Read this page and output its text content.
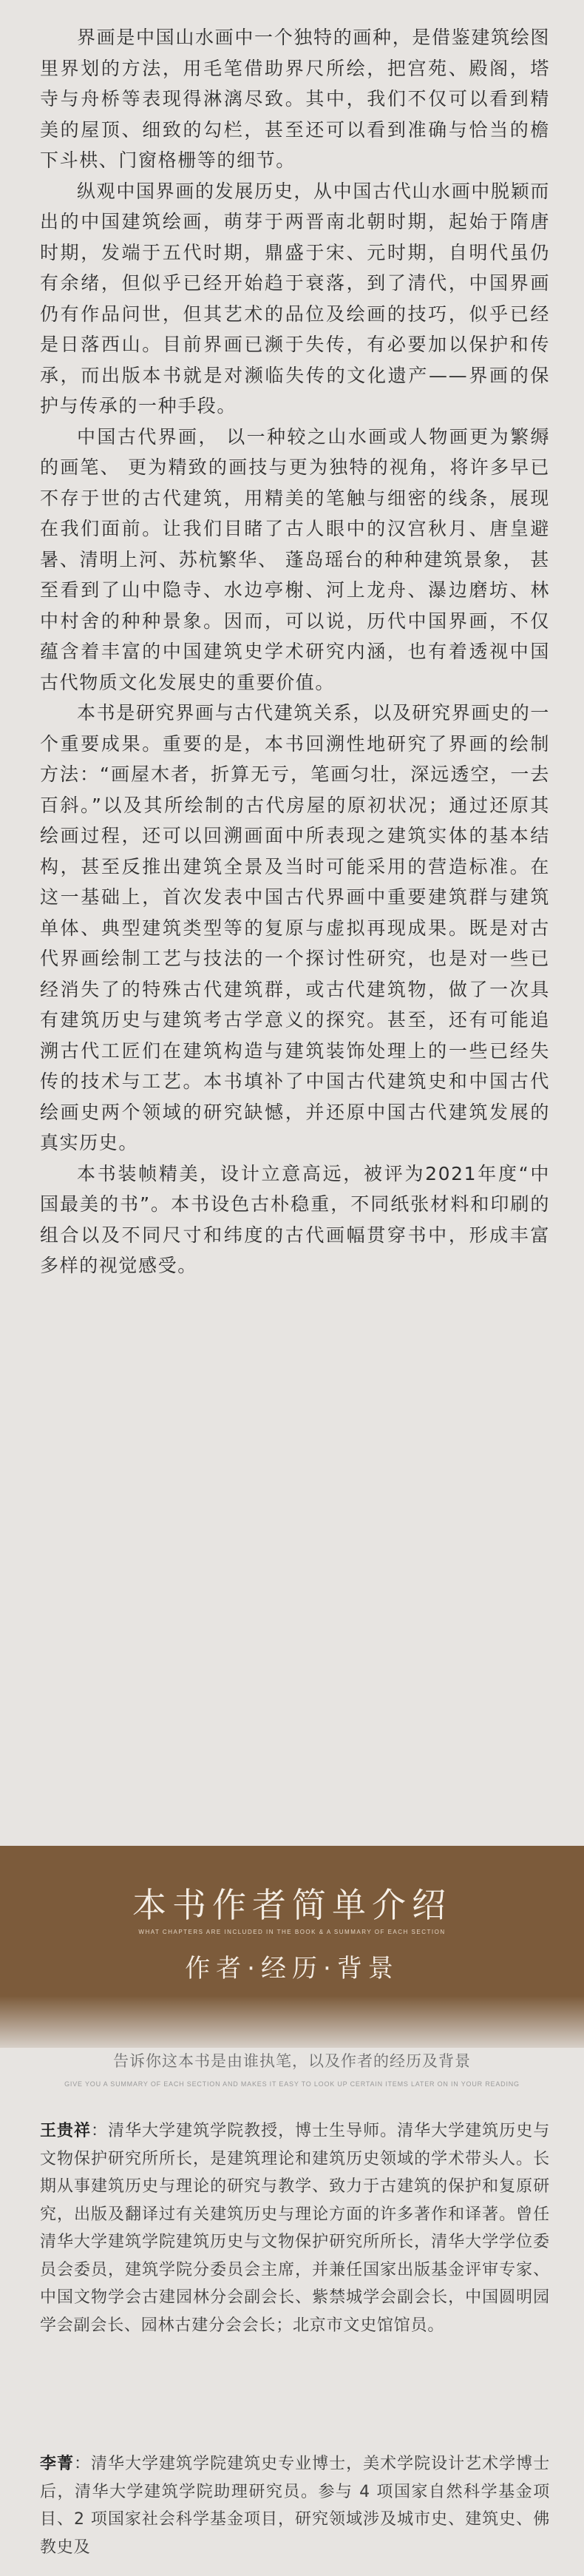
界画是中国山水画中一个独特的画种，是借鉴建筑绘图里界划的方法，用毛笔借助界尺所绘，把宫苑、殿阁，塔寺与舟桥等表现得淋漓尽致。其中，我们不仅可以看到精美的屋顶、细致的勾栏，甚至还可以看到准确与恰当的檐下斗栱、门窗格栅等的细节。

纵观中国界画的发展历史，从中国古代山水画中脱颖而出的中国建筑绘画，萌芽于两晋南北朝时期，起始于隋唐时期，发端于五代时期，鼎盛于宋、元时期，自明代虽仍有余绪，但似乎已经开始趋于衰落，到了清代，中国界画仍有作品问世，但其艺术的品位及绘画的技巧，似乎已经是日落西山。目前界画已濒于失传，有必要加以保护和传承，而出版本书就是对濒临失传的文化遗产——界画的保护与传承的一种手段。

中国古代界画， 以一种较之山水画或人物画更为繁缛的画笔、 更为精致的画技与更为独特的视角，将许多早已不存于世的古代建筑，用精美的笔触与细密的线条，展现在我们面前。让我们目睹了古人眼中的汉宫秋月、唐皇避暑、清明上河、苏杭繁华、 蓬岛瑶台的种种建筑景象， 甚至看到了山中隐寺、水边亭榭、河上龙舟、瀑边磨坊、林中村舍的种种景象。因而，可以说，历代中国界画，不仅蕴含着丰富的中国建筑史学术研究内涵，也有着透视中国古代物质文化发展史的重要价值。

本书是研究界画与古代建筑关系，以及研究界画史的一个重要成果。重要的是，本书回溯性地研究了界画的绘制方法：“画屋木者，折算无亏，笔画匀壮，深远透空，一去百斜。”以及其所绘制的古代房屋的原初状况；通过还原其绘画过程，还可以回溯画面中所表现之建筑实体的基本结构，甚至反推出建筑全景及当时可能采用的营造标准。在这一基础上，首次发表中国古代界画中重要建筑群与建筑单体、典型建筑类型等的复原与虚拟再现成果。既是对古代界画绘制工艺与技法的一个探讨性研究，也是对一些已经消失了的特殊古代建筑群，或古代建筑物，做了一次具有建筑历史与建筑考古学意义的探究。甚至，还有可能追溯古代工匠们在建筑构造与建筑装饰处理上的一些已经失传的技术与工艺。本书填补了中国古代建筑史和中国古代绘画史两个领域的研究缺憾，并还原中国古代建筑发展的真实历史。

本书装帧精美，设计立意高远，被评为2021年度“中国最美的书”。本书设色古朴稳重，不同纸张材料和印刷的组合以及不同尺寸和纬度的古代画幅贯穿书中，形成丰富多样的视觉感受。

本书作者简单介绍
WHAT CHAPTERS ARE INCLUDED IN THE BOOK & A SUMMARY OF EACH SECTION
作者·经历·背景
告诉你这本书是由谁执笔，以及作者的经历及背景
GIVE YOU A SUMMARY OF EACH SECTION AND MAKES IT EASY TO LOOK UP CERTAIN ITEMS LATER ON IN YOUR READING

王贵祥：清华大学建筑学院教授，博士生导师。清华大学建筑历史与文物保护研究所所长，是建筑理论和建筑历史领域的学术带头人。长期从事建筑历史与理论的研究与教学、致力于古建筑的保护和复原研究，出版及翻译过有关建筑历史与理论方面的许多著作和译著。曾任清华大学建筑学院建筑历史与文物保护研究所所长，清华大学学位委员会委员，建筑学院分委员会主席，并兼任国家出版基金评审专家、中国文物学会古建园林分会副会长、紫禁城学会副会长，中国圆明园学会副会长、园林古建分会会长；北京市文史馆馆员。

李菁：清华大学建筑学院建筑史专业博士，美术学院设计艺术学博士后，清华大学建筑学院助理研究员。参与 4 项国家自然科学基金项目、2 项国家社会科学基金项目，研究领域涉及城市史、建筑史、佛教史及
